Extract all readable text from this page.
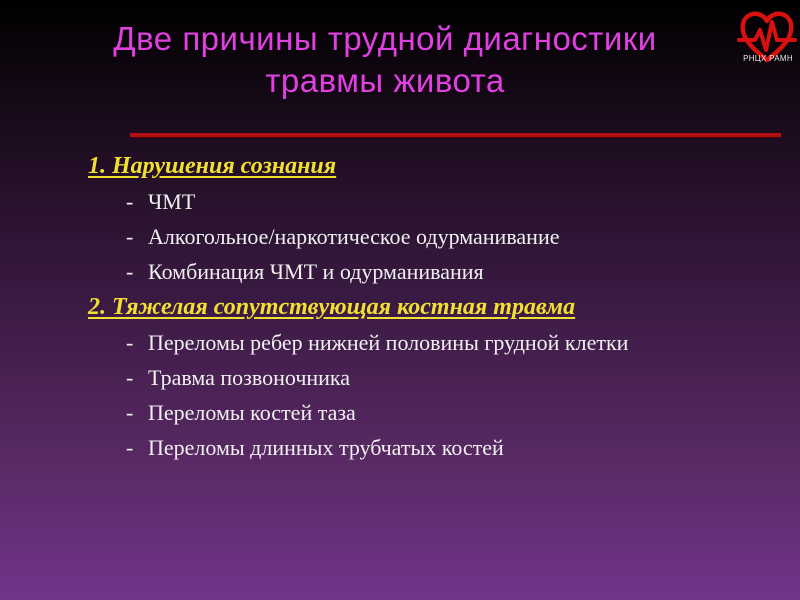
Две причины трудной диагностики
травмы живота
РНЦХ РАМН
1. Нарушения сознания
- ЧМТ
- Алкогольное/наркотическое одурманивание
- Комбинация ЧМТ и одурманивания
2. Тяжелая сопутствующая костная травма
- Переломы ребер нижней половины грудной клетки
- Травма позвоночника
- Переломы костей таза
- Переломы длинных трубчатых костей
